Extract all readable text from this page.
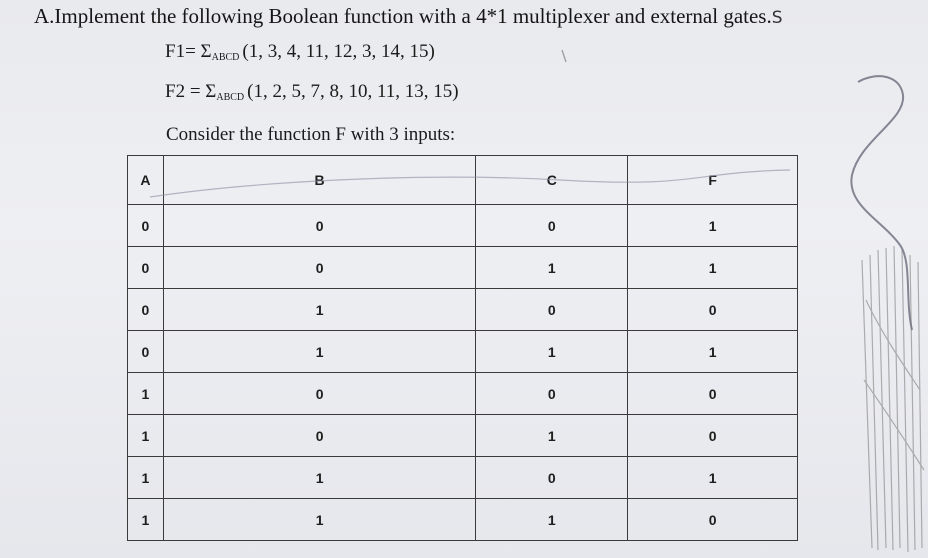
A.Implement the following Boolean function with a 4*1 multiplexer and external gates.S
$F1= \Sigma_{ABCD}$ (1, 3, 4, 11, 12, 3, 14, 15)
$F2 = \Sigma_{ABCD}$ (1, 2, 5, 7, 8, 10, 11, 13, 15)
Consider the function F with 3 inputs:
A	B	C	F
0	0	0	1
0	0	1	1
0	1	0	0
0	1	1	1
1	0	0	0
1	0	1	0
1	1	0	1
1	1	1	0
